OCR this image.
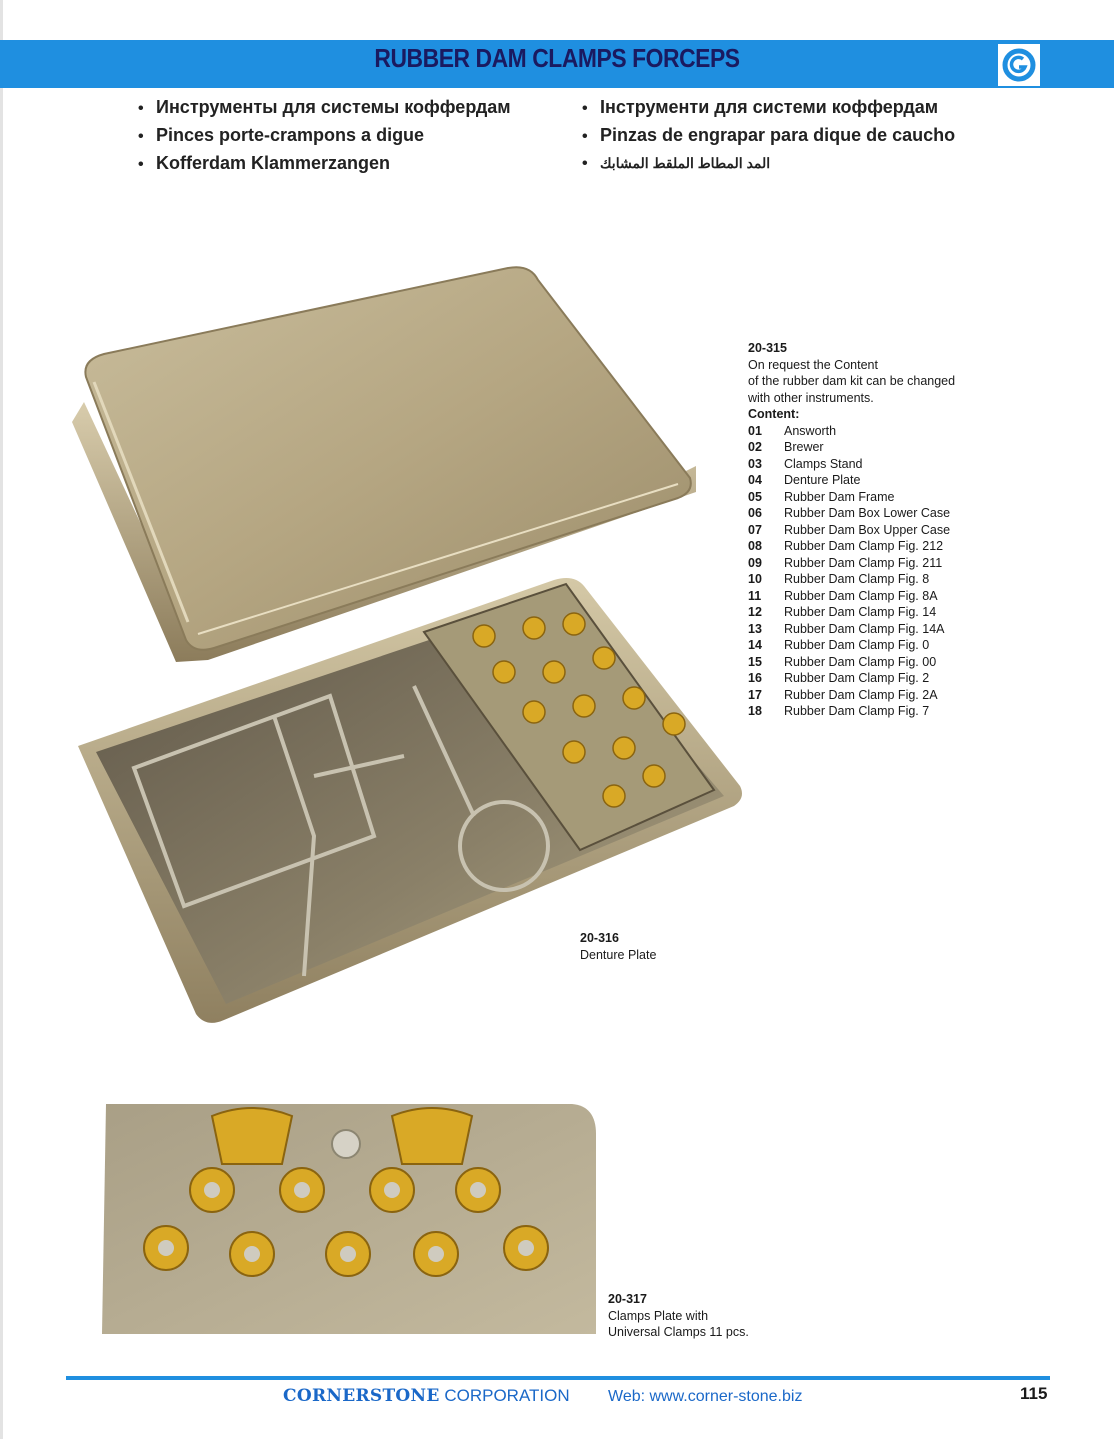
RUBBER DAM CLAMPS FORCEPS
• Инструменты для системы коффердам
• Pinces porte-crampons a digue
• Kofferdam Klammerzangen
• Інструменти для системи коффердам
• Pinzas de engrapar para dique de caucho
• المد المطاط الملقط المشابك
20-315
On request the Content
of the rubber dam kit can be changed
with other instruments.
Content:
01	Answorth
02	Brewer
03	Clamps Stand
04	Denture Plate
05	Rubber Dam Frame
06	Rubber Dam Box Lower Case
07	Rubber Dam Box Upper Case
08	Rubber Dam Clamp Fig. 212
09	Rubber Dam Clamp Fig. 211
10	Rubber Dam Clamp Fig. 8
11	Rubber Dam Clamp Fig. 8A
12	Rubber Dam Clamp Fig. 14
13	Rubber Dam Clamp Fig. 14A
14	Rubber Dam Clamp Fig. 0
15	Rubber Dam Clamp Fig. 00
16	Rubber Dam Clamp Fig. 2
17	Rubber Dam Clamp Fig. 2A
18	Rubber Dam Clamp Fig. 7
20-316
Denture Plate
20-317
Clamps Plate with
Universal Clamps 11 pcs.
CORNERSTONE CORPORATION Web: www.corner-stone.biz	115
